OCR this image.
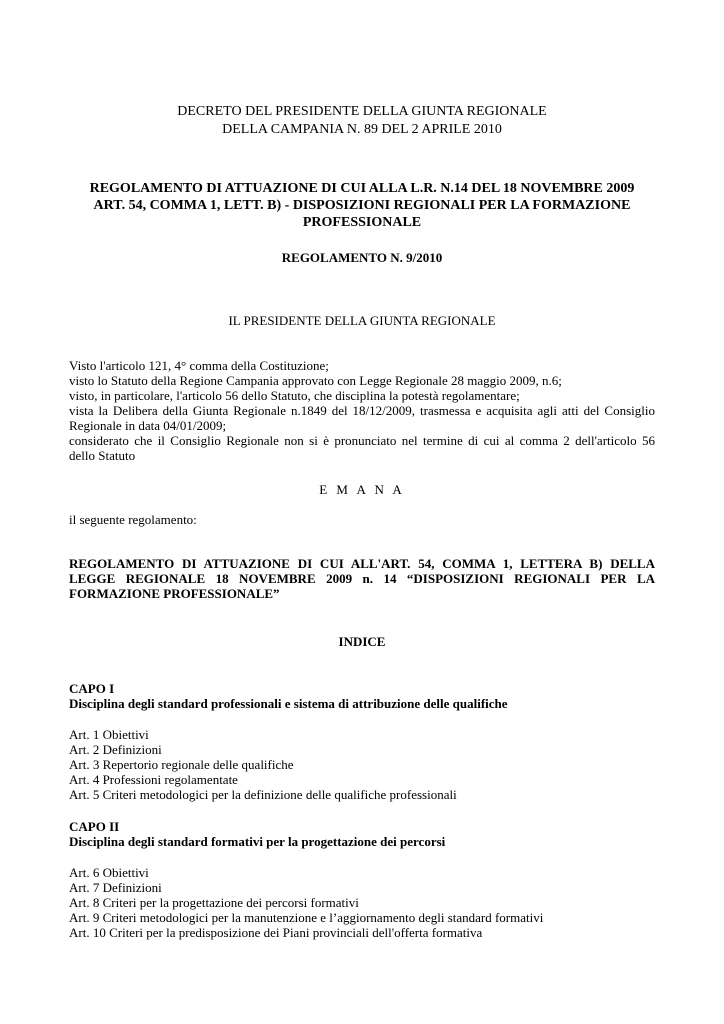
DECRETO DEL PRESIDENTE DELLA GIUNTA REGIONALE
DELLA CAMPANIA N. 89 DEL 2 APRILE 2010
REGOLAMENTO DI ATTUAZIONE DI CUI ALLA L.R. N.14 DEL 18 NOVEMBRE 2009
ART. 54, COMMA 1, LETT. B) - DISPOSIZIONI REGIONALI PER LA FORMAZIONE
PROFESSIONALE
REGOLAMENTO N. 9/2010
IL PRESIDENTE DELLA GIUNTA REGIONALE
Visto l'articolo 121, 4° comma della Costituzione;
visto lo Statuto della Regione Campania approvato con Legge Regionale 28 maggio 2009, n.6;
visto, in particolare, l'articolo 56 dello Statuto, che disciplina la potestà regolamentare;
vista la Delibera della Giunta Regionale n.1849 del 18/12/2009, trasmessa e acquisita agli atti del Consiglio
Regionale in data 04/01/2009;
considerato che il Consiglio Regionale non si è pronunciato nel termine di cui al comma 2 dell'articolo 56
dello Statuto
E M A N A
il seguente regolamento:
REGOLAMENTO DI ATTUAZIONE DI CUI ALL'ART. 54, COMMA 1, LETTERA B) DELLA
LEGGE REGIONALE 18 NOVEMBRE 2009 n. 14 “DISPOSIZIONI REGIONALI PER LA
FORMAZIONE PROFESSIONALE”
INDICE
CAPO I
Disciplina degli standard professionali e sistema di attribuzione delle qualifiche
Art. 1 Obiettivi
Art. 2 Definizioni
Art. 3 Repertorio regionale delle qualifiche
Art. 4 Professioni regolamentate
Art. 5 Criteri metodologici per la definizione delle qualifiche professionali
CAPO II
Disciplina degli standard formativi per la progettazione dei percorsi
Art. 6 Obiettivi
Art. 7 Definizioni
Art. 8 Criteri per la progettazione dei percorsi formativi
Art. 9 Criteri metodologici per la manutenzione e l’aggiornamento degli standard formativi
Art. 10 Criteri per la predisposizione dei Piani provinciali dell'offerta formativa
